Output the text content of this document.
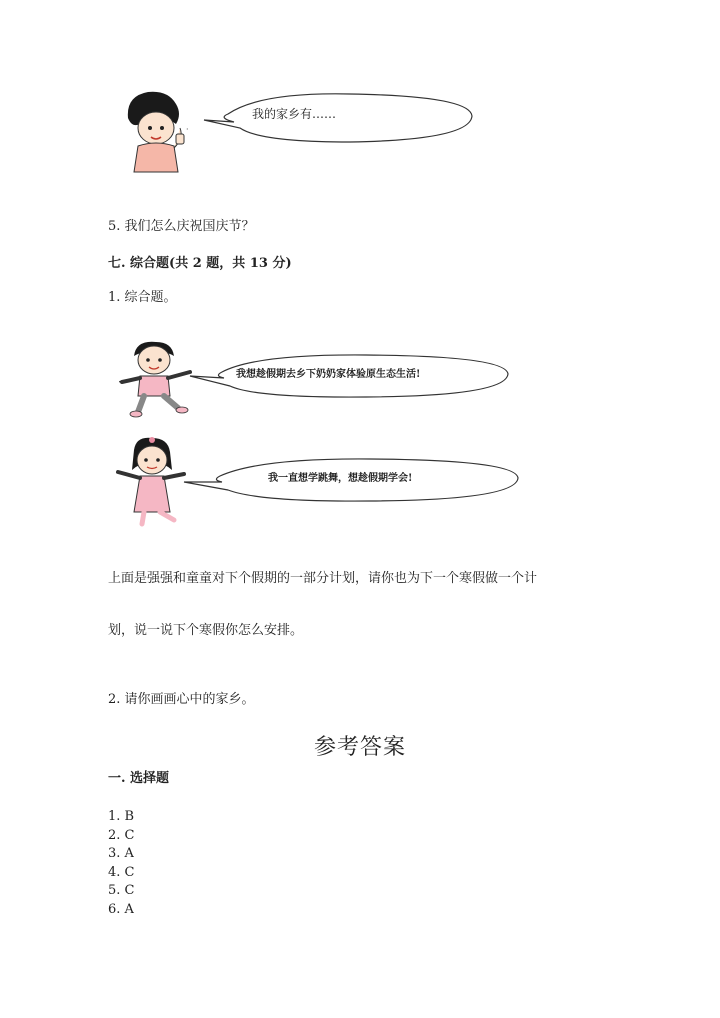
·
我的家乡有……
5. 我们怎么庆祝国庆节？
七. 综合题(共 2 题，共 13 分)
1. 综合题。
·
我想趁假期去乡下奶奶家体验原生态生活!
我一直想学跳舞，想趁假期学会!
上面是强强和童童对下个假期的一部分计划，请你也为下一个寒假做一个计
划，说一说下个寒假你怎么安排。
2. 请你画画心中的家乡。
参考答案
一. 选择题
1. B
2. C
3. A
4. C
5. C
6. A
